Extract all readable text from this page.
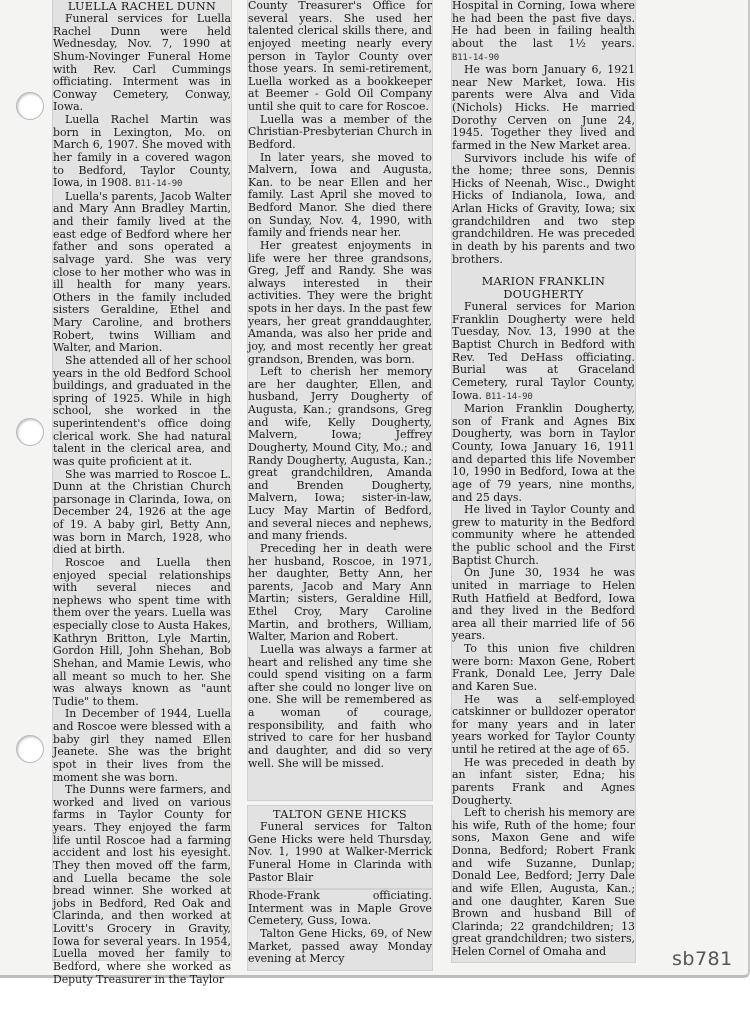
LUELLA RACHEL DUNN

Funeral services for Luella Rachel Dunn were held Wednesday, Nov. 7, 1990 at Shum-Novinger Funeral Home with Rev. Carl Cummings officiating. Interment was in Conway Cemetery, Conway, Iowa.

Luella Rachel Martin was born in Lexington, Mo. on March 6, 1907. She moved with her family in a covered wagon to Bedford, Taylor County, Iowa, in 1908. B11-14-90

Luella's parents, Jacob Walter and Mary Ann Bradley Martin, and their family lived at the east edge of Bedford where her father and sons operated a salvage yard. She was very close to her mother who was in ill health for many years. Others in the family included sisters Geraldine, Ethel and Mary Caroline, and brothers Robert, twins William and Walter, and Marion.

She attended all of her school years in the old Bedford School buildings, and graduated in the spring of 1925. While in high school, she worked in the superintendent's office doing clerical work. She had natural talent in the clerical area, and was quite proficient at it.

She was married to Roscoe L. Dunn at the Christian Church parsonage in Clarinda, Iowa, on December 24, 1926 at the age of 19. A baby girl, Betty Ann, was born in March, 1928, who died at birth.

Roscoe and Luella then enjoyed special relationships with several nieces and nephews who spent time with them over the years. Luella was especially close to Austa Hakes, Kathryn Britton, Lyle Martin, Gordon Hill, John Shehan, Bob Shehan, and Mamie Lewis, who all meant so much to her. She was always known as "aunt Tudie" to them.

In December of 1944, Luella and Roscoe were blessed with a baby girl they named Ellen Jeanete. She was the bright spot in their lives from the moment she was born.

The Dunns were farmers, and worked and lived on various farms in Taylor County for years. They enjoyed the farm life until Roscoe had a farming accident and lost his eyesight. They then moved off the farm, and Luella became the sole bread winner. She worked at jobs in Bedford, Red Oak and Clarinda, and then worked at Lovitt's Grocery in Gravity, Iowa for several years. In 1954, Luella moved her family to Bedford, where she worked as Deputy Treasurer in the Taylor

County Treasurer's Office for several years. She used her talented clerical skills there, and enjoyed meeting nearly every person in Taylor County over those years. In semi-retirement, Luella worked as a bookkeeper at Beemer - Gold Oil Company until she quit to care for Roscoe.

Luella was a member of the Christian-Presbyterian Church in Bedford.

In later years, she moved to Malvern, Iowa and Augusta, Kan. to be near Ellen and her family. Last April she moved to Bedford Manor. She died there on Sunday, Nov. 4, 1990, with family and friends near her.

Her greatest enjoyments in life were her three grandsons, Greg, Jeff and Randy. She was always interested in their activities. They were the bright spots in her days. In the past few years, her great granddaughter, Amanda, was also her pride and joy, and most recently her great grandson, Brenden, was born.

Left to cherish her memory are her daughter, Ellen, and husband, Jerry Dougherty of Augusta, Kan.; grandsons, Greg and wife, Kelly Dougherty, Malvern, Iowa; Jeffrey Dougherty, Mound City, Mo.; and Randy Dougherty, Augusta, Kan.; great grandchildren, Amanda and Brenden Dougherty, Malvern, Iowa; sister-in-law, Lucy May Martin of Bedford, and several nieces and nephews, and many friends.

Preceding her in death were her husband, Roscoe, in 1971, her daughter, Betty Ann, her parents, Jacob and Mary Ann Martin; sisters, Geraldine Hill, Ethel Croy, Mary Caroline Martin, and brothers, William, Walter, Marion and Robert.

Luella was always a farmer at heart and relished any time she could spend visiting on a farm after she could no longer live on one. She will be remembered as a woman of courage, responsibility, and faith who strived to care for her husband and daughter, and did so very well. She will be missed.

TALTON GENE HICKS

Funeral services for Talton Gene Hicks were held Thursday, Nov. 1, 1990 at Walker-Merrick Funeral Home in Clarinda with Pastor Blair

Rhode-Frank officiating. Interment was in Maple Grove Cemetery, Guss, Iowa.

Talton Gene Hicks, 69, of New Market, passed away Monday evening at Mercy

Hospital in Corning, Iowa where he had been the past five days. He had been in failing health about the last 1½ years. B11-14-90

He was born January 6, 1921 near New Market, Iowa. His parents were Alva and Vida (Nichols) Hicks. He married Dorothy Cerven on June 24, 1945. Together they lived and farmed in the New Market area.

Survivors include his wife of the home; three sons, Dennis Hicks of Neenah, Wisc., Dwight Hicks of Indianola, Iowa, and Arlan Hicks of Gravity, Iowa; six grandchildren and two step grandchildren. He was preceded in death by his parents and two brothers.

MARION FRANKLIN
DOUGHERTY

Funeral services for Marion Franklin Dougherty were held Tuesday, Nov. 13, 1990 at the Baptist Church in Bedford with Rev. Ted DeHass officiating. Burial was at Graceland Cemetery, rural Taylor County, Iowa. B11-14-90

Marion Franklin Dougherty, son of Frank and Agnes Bix Dougherty, was born in Taylor County, Iowa January 16, 1911 and departed this life November 10, 1990 in Bedford, Iowa at the age of 79 years, nine months, and 25 days.

He lived in Taylor County and grew to maturity in the Bedford community where he attended the public school and the First Baptist Church.

On June 30, 1934 he was united in marriage to Helen Ruth Hatfield at Bedford, Iowa and they lived in the Bedford area all their married life of 56 years.

To this union five children were born: Maxon Gene, Robert Frank, Donald Lee, Jerry Dale and Karen Sue.

He was a self-employed catskinner or bulldozer operator for many years and in later years worked for Taylor County until he retired at the age of 65.

He was preceded in death by an infant sister, Edna; his parents Frank and Agnes Dougherty.

Left to cherish his memory are his wife, Ruth of the home; four sons, Maxon Gene and wife Donna, Bedford; Robert Frank and wife Suzanne, Dunlap; Donald Lee, Bedford; Jerry Dale and wife Ellen, Augusta, Kan.; and one daughter, Karen Sue Brown and husband Bill of Clarinda; 22 grandchildren; 13 great grandchildren; two sisters, Helen Cornel of Omaha and	sb781
